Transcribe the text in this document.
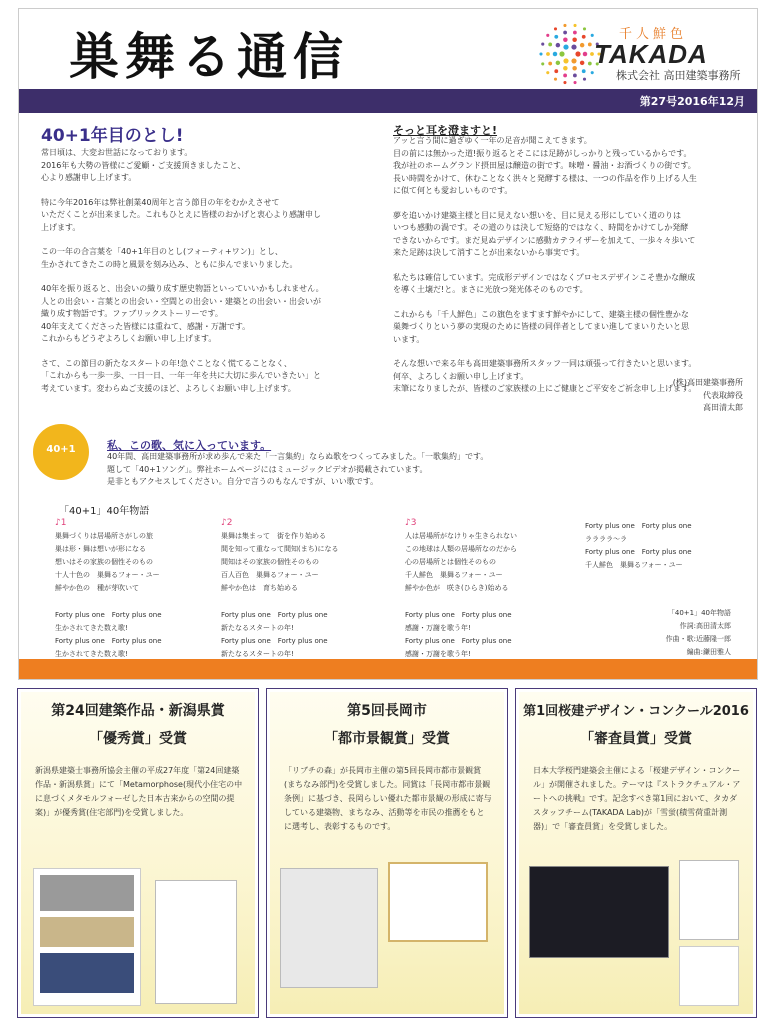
巣舞る通信	千人鮮色
TAKADA
株式会社 高田建築事務所
第27号2016年12月
40+1年目のとし!

常日頃は、大変お世話になっております。
2016年も大勢の皆様にご愛顧・ご支援頂きましたこと、
心より感謝申し上げます。

特に今年2016年は弊社創業40周年と言う節目の年をむかえさせて
いただくことが出来ました。これもひとえに皆様のおかげと衷心より感謝申し
上げます。

この一年の合言葉を「40+1年目のとし(フォーティ+ワン)」とし、
生かされてきたこの時と風景を刻み込み、ともに歩んでまいりました。

40年を振り返ると、出会いの織り成す歴史物語といっていいかもしれません。
人との出会い・言葉との出会い・空間との出会い・建築との出会い・出会いが
織り成す物語です。ファブリックストーリーです。
40年支えてくださった皆様には重ねて、感謝・万謝です。
これからもどうぞよろしくお願い申し上げます。

さて、この節目の新たなスタートの年!急ぐことなく慌てることなく、
「これからも一歩一歩、一日一日、一年一年を共に大切に歩んでいきたい」と
考えています。変わらぬご支援のほど、よろしくお願い申し上げます。

そっと耳を澄ますと!

アッと言う間に過ぎゆく一年の足音が聞こえてきます。
目の前には無かった道!振り返るとそこには足跡がしっかりと残っているからです。
我が社のホームグランド摂田屋は醸造の街です。味噌・醤油・お酒づくりの街です。
長い時間をかけて、休むことなく洪々と発酵する様は、一つの作品を作り上げる人生
に似て何とも愛おしいものです。

夢を追いかけ建築主様と目に見えない想いを、目に見える形にしていく道のりは
いつも感動の渦です。その道のりは決して短絡的ではなく、時間をかけてしか発酵
できないからです。まだ見ぬデザインに感動カテライザーを加えて、一歩々々歩いて
来た足跡は決して消すことが出来ないから事実です。

私たちは確信しています。完成形デザインではなくプロセスデザインこそ豊かな醸成
を導く土壌だ!と。まさに光放つ発光体そのものです。

これからも「千人鮮色」この旗色をますます鮮やかにして、建築主様の個性豊かな
巣舞づくりという夢の実現のために皆様の同伴者としてまい進してまいりたいと思
います。

そんな想いで来る年も高田建築事務所スタッフ一同は頑張って行きたいと思います。
何卒、よろしくお願い申し上げます。
末筆になりましたが、皆様のご家族様の上にご健康とご平安をご祈念申し上げます。

(株)高田建築事務所
代表取締役
高田清太郎
40+1	私、この歌、気に入っています。
40年間、高田建築事務所が求め歩んで来た「一言集約」ならぬ歌をつくってみました。「一歌集約」です。
題して「40+1ソング」。弊社ホームページにはミュージックビデオが掲載されています。
是非ともアクセスしてください。自分で言うのもなんですが、いい歌です。
「40+1」40年物語
♪1
巣舞づくりは居場所さがしの旅
巣は形・舞は想いが形になる
想いはその家族の個性そのもの
十人十色の　巣舞るフォー・ユー
鮮やか色の　種が芽吹いて
Forty plus one　Forty plus one
生かされてきた数え歌!
Forty plus one　Forty plus one
生かされてきた数え歌!
♪2
巣舞は集まって　街を作り始める
間を知って重なって間知(まち)になる
間知はその家族の個性そのもの
百人百色　巣舞るフォー・ユー
鮮やか色は　育ち始める
Forty plus one　Forty plus one
新たなるスタートの年!
Forty plus one　Forty plus one
新たなるスタートの年!
♪3
人は居場所がなけりゃ生きられない
この地球は人類の居場所なのだから
心の居場所とは個性そのもの
千人鮮色　巣舞るフォー・ユー
鮮やか色が　咲き(ひらき)始める
Forty plus one　Forty plus one
感謝・万謝を歌う年!
Forty plus one　Forty plus one
感謝・万謝を歌う年!
Forty plus one　Forty plus one
ララララ〜ラ
Forty plus one　Forty plus one
千人鮮色　巣舞るフォー・ユー
「40+1」40年物語
作詞:高田清太郎
作曲・歌:近藤隆一郎
編曲:鎌田雅人
第24回建築作品・新潟県賞
「優秀賞」受賞
新潟県建築士事務所協会主催の平成27年度「第24回建築作品・新潟県賞」にて「Metamorphose(現代小住宅の中に息づくメタモルフォーゼした日本古来からの空間の提案)」が優秀賞(住宅部門)を受賞しました。
第5回長岡市
「都市景観賞」受賞
「リブチの森」が長岡市主催の第5回長岡市都市景観賞(まちなみ部門)を受賞しました。同賞は「長岡市都市景観条例」に基づき、長岡らしい優れた都市景観の形成に寄与している建築物、まちなみ、活動等を市民の推薦をもとに選考し、表彰するものです。
第1回桜建デザイン・コンクール2016
「審査員賞」受賞
日本大学桜門建築会主催による「桜建デザイン・コンクール」が開催されました。テーマは『ストラクチュアル・アートへの挑戦』です。記念すべき第1回において、タカダスタッフチーム(TAKADA Lab)が「雪蛍(積雪荷重計測器)」で「審査員賞」を受賞しました。
